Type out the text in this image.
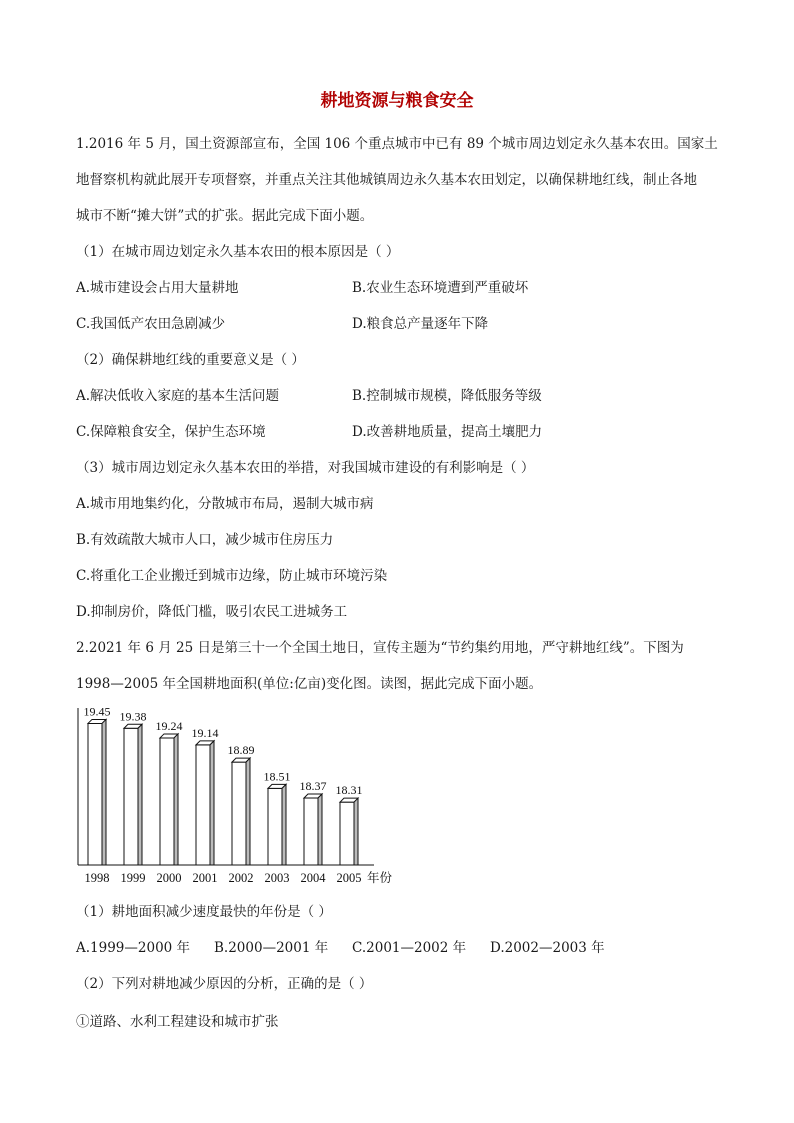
耕地资源与粮食安全
1.2016 年 5 月，国土资源部宣布，全国 106 个重点城市中已有 89 个城市周边划定永久基本农田。国家土
地督察机构就此展开专项督察，并重点关注其他城镇周边永久基本农田划定，以确保耕地红线，制止各地
城市不断“摊大饼”式的扩张。据此完成下面小题。
（1）在城市周边划定永久基本农田的根本原因是（ ）
A.城市建设会占用大量耕地	B.农业生态环境遭到严重破坏
C.我国低产农田急剧减少	D.粮食总产量逐年下降
（2）确保耕地红线的重要意义是（ ）
A.解决低收入家庭的基本生活问题	B.控制城市规模，降低服务等级
C.保障粮食安全，保护生态环境	D.改善耕地质量，提高土壤肥力
（3）城市周边划定永久基本农田的举措，对我国城市建设的有利影响是（ ）
A.城市用地集约化，分散城市布局，遏制大城市病
B.有效疏散大城市人口，减少城市住房压力
C.将重化工企业搬迁到城市边缘，防止城市环境污染
D.抑制房价，降低门槛，吸引农民工进城务工
2.2021 年 6 月 25 日是第三十一个全国土地日，宣传主题为“节约集约用地，严守耕地红线”。下图为
1998—2005 年全国耕地面积(单位:亿亩)变化图。读图，据此完成下面小题。
19.45
1998
19.38
1999
19.24
2000
19.14
2001
18.89
2002
18.51
2003
18.37
2004
18.31
2005 年份
（1）耕地面积减少速度最快的年份是（ ）
A.1999—2000 年 B.2000—2001 年 C.2001—2002 年 D.2002—2003 年
（2）下列对耕地减少原因的分析，正确的是（ ）
①道路、水利工程建设和城市扩张
